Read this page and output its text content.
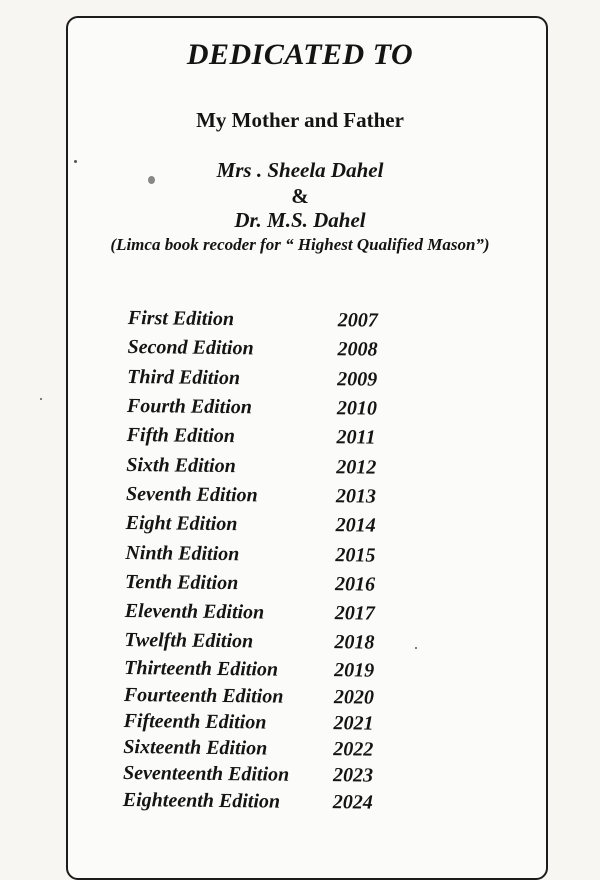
DEDICATED TO
My Mother and Father
Mrs . Sheela Dahel
&
Dr. M.S. Dahel
(Limca book recoder for “ Highest Qualified Mason”)
First Edition	2007
Second Edition	2008
Third Edition	2009
Fourth Edition	2010
Fifth Edition	2011
Sixth Edition	2012
Seventh Edition	2013
Eight Edition	2014
Ninth Edition	2015
Tenth Edition	2016
Eleventh Edition	2017
Twelfth Edition	2018
Thirteenth Edition	2019
Fourteenth Edition	2020
Fifteenth Edition	2021
Sixteenth Edition	2022
Seventeenth Edition	2023
Eighteenth Edition	2024
